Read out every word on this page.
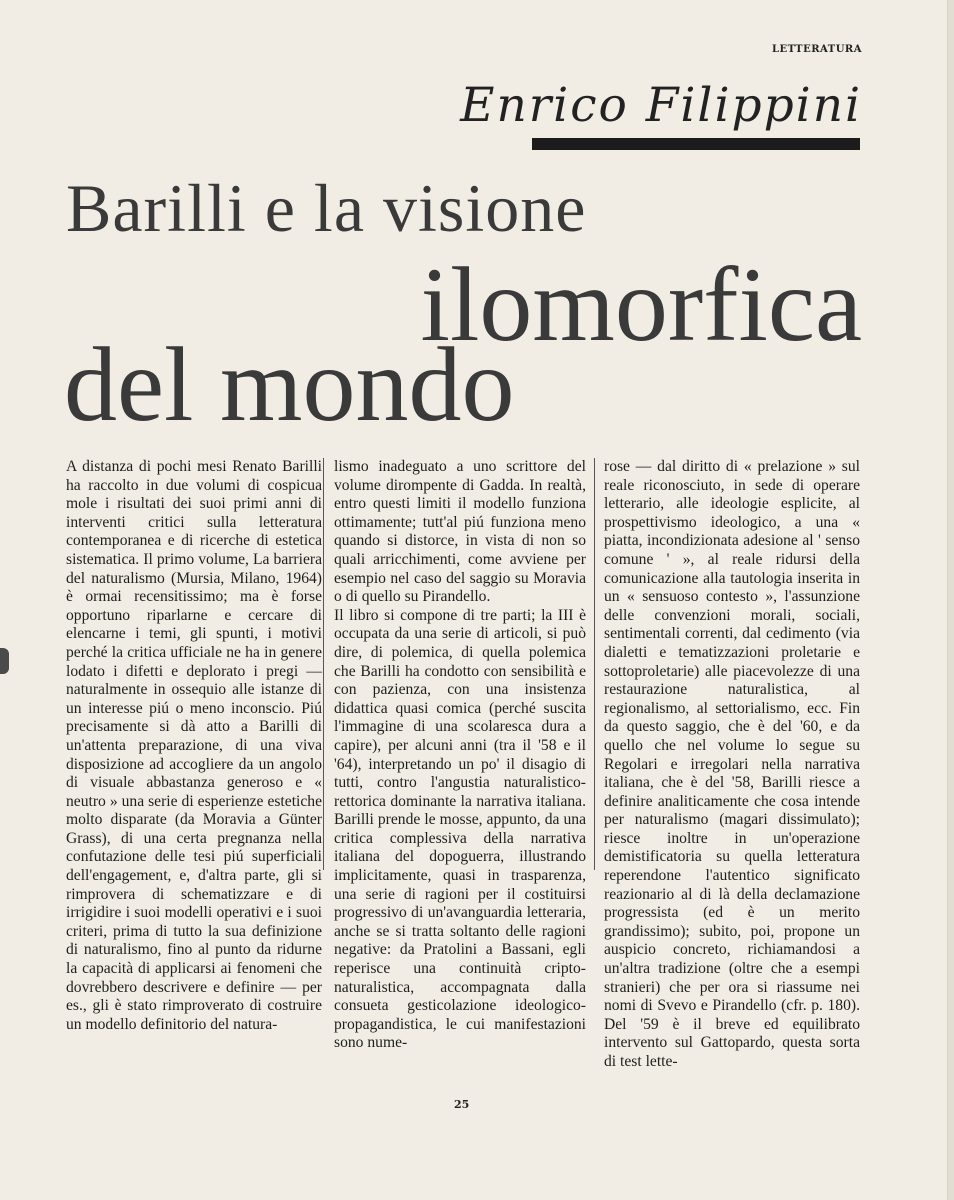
LETTERATURA
Enrico Filippini
Barilli e la visione
ilomorfica
del mondo

A distanza di pochi mesi Renato Barilli ha raccolto in due volumi di cospicua mole i risultati dei suoi primi anni di interventi critici sulla letteratura contemporanea e di ricerche di estetica sistematica. Il primo volume, La barriera del naturalismo (Mursia, Milano, 1964) è ormai recensitissimo; ma è forse opportuno riparlarne e cercare di elencarne i temi, gli spunti, i motivi perché la critica ufficiale ne ha in genere lodato i difetti e deplorato i pregi — naturalmente in ossequio alle istanze di un interesse piú o meno inconscio. Piú precisamente si dà atto a Barilli di un'attenta preparazione, di una viva disposizione ad accogliere da un angolo di visuale abbastanza generoso e « neutro » una serie di esperienze estetiche molto disparate (da Moravia a Günter Grass), di una certa pregnanza nella confutazione delle tesi piú superficiali dell'engagement, e, d'altra parte, gli si rimprovera di schematizzare e di irrigidire i suoi modelli operativi e i suoi criteri, prima di tutto la sua definizione di naturalismo, fino al punto da ridurne la capacità di applicarsi ai fenomeni che dovrebbero descrivere e definire — per es., gli è stato rimproverato di costruire un modello definitorio del natura-

lismo inadeguato a uno scrittore del volume dirompente di Gadda. In realtà, entro questi limiti il modello funziona ottimamente; tutt'al piú funziona meno quando si distorce, in vista di non so quali arricchimenti, come avviene per esempio nel caso del saggio su Moravia o di quello su Pirandello.

Il libro si compone di tre parti; la III è occupata da una serie di articoli, si può dire, di polemica, di quella polemica che Barilli ha condotto con sensibilità e con pazienza, con una insistenza didattica quasi comica (perché suscita l'immagine di una scolaresca dura a capire), per alcuni anni (tra il '58 e il '64), interpretando un po' il disagio di tutti, contro l'angustia naturalistico-rettorica dominante la narrativa italiana. Barilli prende le mosse, appunto, da una critica complessiva della narrativa italiana del dopoguerra, illustrando implicitamente, quasi in trasparenza, una serie di ragioni per il costituirsi progressivo di un'avanguardia letteraria, anche se si tratta soltanto delle ragioni negative: da Pratolini a Bassani, egli reperisce una continuità cripto-naturalistica, accompagnata dalla consueta gesticolazione ideologico-propagandistica, le cui manifestazioni sono nume-

rose — dal diritto di « prelazione » sul reale riconosciuto, in sede di operare letterario, alle ideologie esplicite, al prospettivismo ideologico, a una « piatta, incondizionata adesione al ' senso comune ' », al reale ridursi della comunicazione alla tautologia inserita in un « sensuoso contesto », l'assunzione delle convenzioni morali, sociali, sentimentali correnti, dal cedimento (via dialetti e tematizzazioni proletarie e sottoproletarie) alle piacevolezze di una restaurazione naturalistica, al regionalismo, al settorialismo, ecc. Fin da questo saggio, che è del '60, e da quello che nel volume lo segue su Regolari e irregolari nella narrativa italiana, che è del '58, Barilli riesce a definire analiticamente che cosa intende per naturalismo (magari dissimulato); riesce inoltre in un'operazione demistificatoria su quella letteratura reperendone l'autentico significato reazionario al di là della declamazione progressista (ed è un merito grandissimo); subito, poi, propone un auspicio concreto, richiamandosi a un'altra tradizione (oltre che a esempi stranieri) che per ora si riassume nei nomi di Svevo e Pirandello (cfr. p. 180). Del '59 è il breve ed equilibrato intervento sul Gattopardo, questa sorta di test lette-

25
